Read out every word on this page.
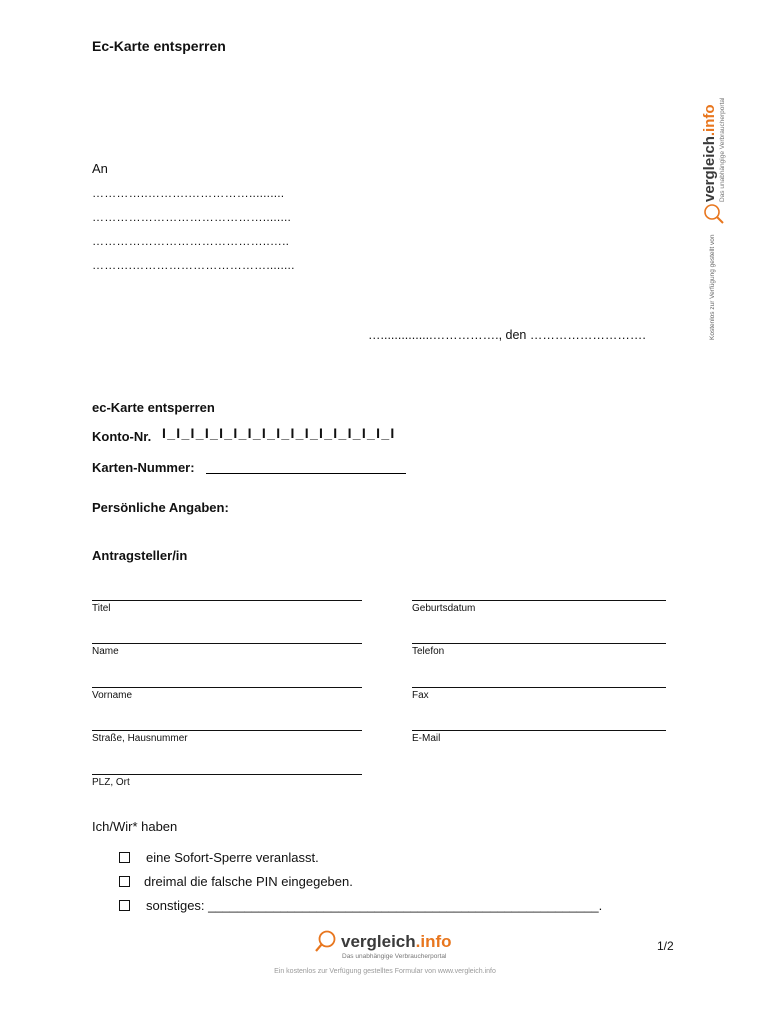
Ec-Karte entsperren
Kostenlos zur Verfügung gestellt von
vergleich.info Das unabhängige Verbraucherportal
An
…………..……….……………..........
……………………………………........
……………………………………..…..
……….……………………………........
…...............……………., den ……………………….
ec-Karte entsperren
Konto-Nr. I_I_I_I_I_I_I_I_I_I_I_I_I_I_I_I_I
Karten-Nummer:
Persönliche Angaben:
Antragsteller/in
Titel
Name
Vorname
Straße, Hausnummer
PLZ, Ort
Geburtsdatum
Telefon
Fax
E-Mail
Ich/Wir* haben
eine Sofort-Sperre veranlasst.
dreimal die falsche PIN eingegeben.
sonstiges: ______________________________________________________.
vergleich.info
Das unabhängige Verbraucherportal
1/2
Ein kostenlos zur Verfügung gestelltes Formular von www.vergleich.info
